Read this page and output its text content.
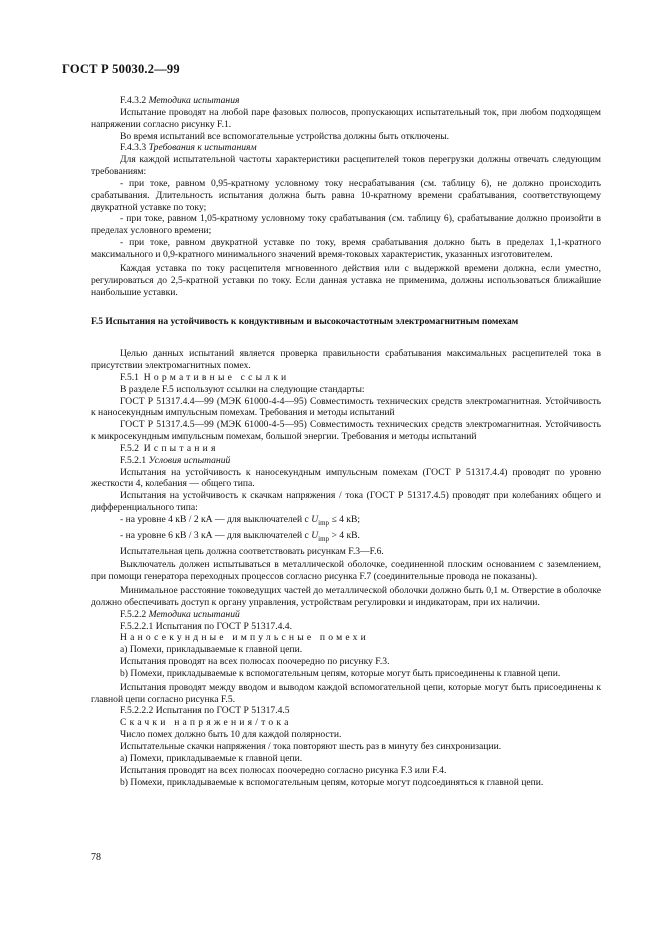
ГОСТ Р 50030.2—99

F.4.3.2 Методика испытания

Испытание проводят на любой паре фазовых полюсов, пропускающих испытательный ток, при любом подходящем напряжении согласно рисунку F.1.

Во время испытаний все вспомогательные устройства должны быть отключены.

F.4.3.3 Требования к испытаниям

Для каждой испытательной частоты характеристики расцепителей токов перегрузки должны отвечать следующим требованиям:

- при токе, равном 0,95-кратному условному току несрабатывания (см. таблицу 6), не должно происходить срабатывания. Длительность испытания должна быть равна 10-кратному времени срабатывания, соответствующему двукратной уставке по току;

- при токе, равном 1,05-кратному условному току срабатывания (см. таблицу 6), срабатывание должно произойти в пределах условного времени;

- при токе, равном двукратной уставке по току, время срабатывания должно быть в пределах 1,1-кратного максимального и 0,9-кратного минимального значений время-токовых характеристик, указанных изготовителем.

Каждая уставка по току расцепителя мгновенного действия или с выдержкой времени должна, если уместно, регулироваться до 2,5-кратной уставки по току. Если данная уставка не применима, должны использоваться ближайшие наибольшие уставки.

F.5 Испытания на устойчивость к кондуктивным и высокочастотным электромагнитным помехам

Целью данных испытаний является проверка правильности срабатывания максимальных расцепителей тока в присутствии электромагнитных помех.

F.5.1 Нормативные ссылки

В разделе F.5 используют ссылки на следующие стандарты:

ГОСТ Р 51317.4.4—99 (МЭК 61000-4-4—95) Совместимость технических средств электромагнитная. Устойчивость к наносекундным импульсным помехам. Требования и методы испытаний

ГОСТ Р 51317.4.5—99 (МЭК 61000-4-5—95) Совместимость технических средств электромагнитная. Устойчивость к микросекундным импульсным помехам, большой энергии. Требования и методы испытаний

F.5.2 Испытания

F.5.2.1 Условия испытаний

Испытания на устойчивость к наносекундным импульсным помехам (ГОСТ Р 51317.4.4) проводят по уровню жесткости 4, колебания — общего типа.

Испытания на устойчивость к скачкам напряжения / тока (ГОСТ Р 51317.4.5) проводят при колебаниях общего и дифференциального типа:

- на уровне 4 кВ / 2 кА — для выключателей с $U_{imp} \le 4$ кВ;

- на уровне 6 кВ / 3 кА — для выключателей с $U_{imp} > 4$ кВ.

Испытательная цепь должна соответствовать рисункам F.3—F.6.

Выключатель должен испытываться в металлической оболочке, соединенной плоским основанием с заземлением, при помощи генератора переходных процессов согласно рисунка F.7 (соединительные провода не показаны).

Минимальное расстояние токоведущих частей до металлической оболочки должно быть 0,1 м. Отверстие в оболочке должно обеспечивать доступ к органу управления, устройствам регулировки и индикаторам, при их наличии.

F.5.2.2 Методика испытаний

F.5.2.2.1 Испытания по ГОСТ Р 51317.4.4.

Наносекундные импульсные помехи

а) Помехи, прикладываемые к главной цепи.

Испытания проводят на всех полюсах поочередно по рисунку F.3.

b) Помехи, прикладываемые к вспомогательным цепям, которые могут быть присоединены к главной цепи.

Испытания проводят между вводом и выводом каждой вспомогательной цепи, которые могут быть присоединены к главной цепи согласно рисунка F.5.

F.5.2.2.2 Испытания по ГОСТ Р 51317.4.5

Скачки напряжения/тока

Число помех должно быть 10 для каждой полярности.

Испытательные скачки напряжения / тока повторяют шесть раз в минуту без синхронизации.

а) Помехи, прикладываемые к главной цепи.

Испытания проводят на всех полюсах поочередно согласно рисунка F.3 или F.4.

b) Помехи, прикладываемые к вспомогательным цепям, которые могут подсоединяться к главной цепи.

78
